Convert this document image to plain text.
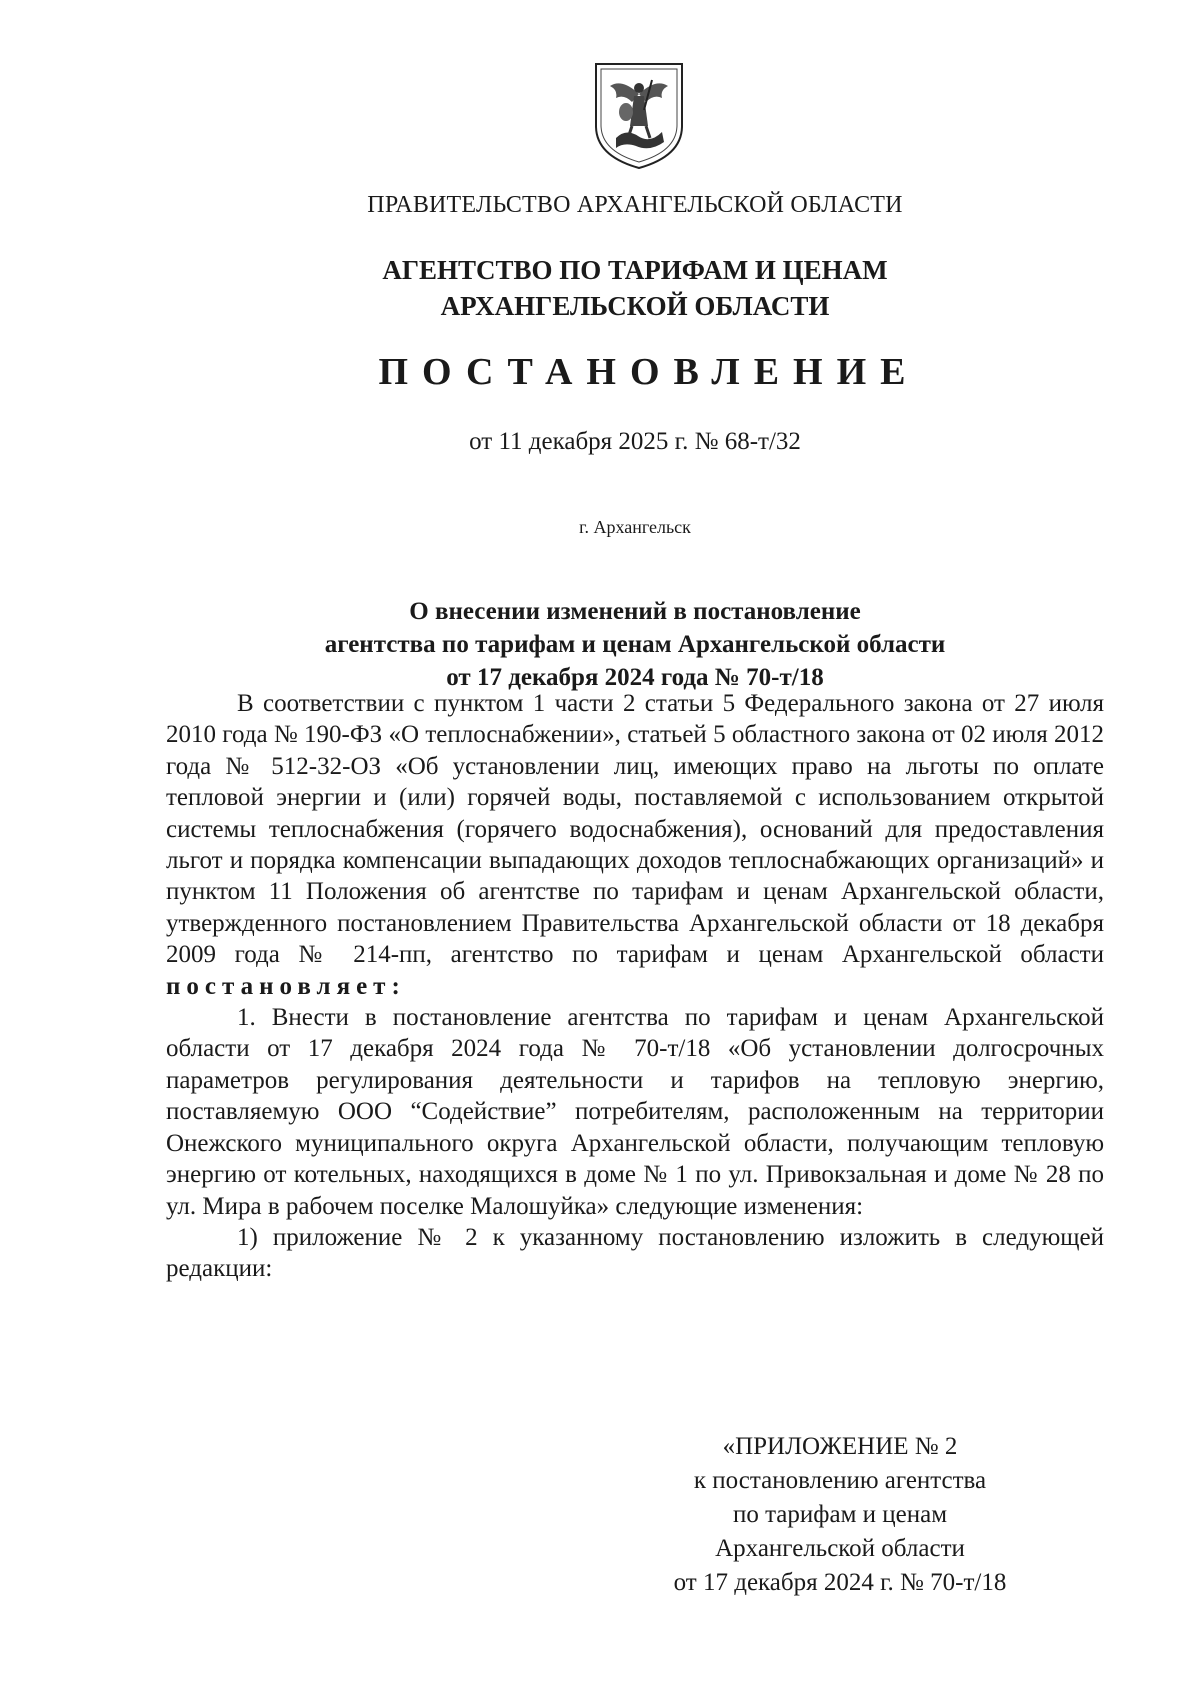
ПРАВИТЕЛЬСТВО АРХАНГЕЛЬСКОЙ ОБЛАСТИ
АГЕНТСТВО ПО ТАРИФАМ И ЦЕНАМ
АРХАНГЕЛЬСКОЙ ОБЛАСТИ
ПОСТАНОВЛЕНИЕ
от 11 декабря 2025 г. № 68-т/32
г. Архангельск
О внесении изменений в постановление
агентства по тарифам и ценам Архангельской области
от 17 декабря 2024 года № 70-т/18

В соответствии с пунктом 1 части 2 статьи 5 Федерального закона от 27 июля 2010 года № 190-ФЗ «О теплоснабжении», статьей 5 областного закона от 02 июля 2012 года № 512-32-ОЗ «Об установлении лиц, имеющих право на льготы по оплате тепловой энергии и (или) горячей воды, поставляемой с использованием открытой системы теплоснабжения (горячего водоснабжения), оснований для предоставления льгот и порядка компенсации выпадающих доходов теплоснабжающих организаций» и пунктом 11 Положения об агентстве по тарифам и ценам Архангельской области, утвержденного постановлением Правительства Архангельской области от 18 декабря 2009 года № 214-пп, агентство по тарифам и ценам Архангельской области постановляет:

1. Внести в постановление агентства по тарифам и ценам Архангельской области от 17 декабря 2024 года № 70-т/18 «Об установлении долгосрочных параметров регулирования деятельности и тарифов на тепловую энергию, поставляемую ООО “Содействие” потребителям, расположенным на территории Онежского муниципального округа Архангельской области, получающим тепловую энергию от котельных, находящихся в доме № 1 по ул. Привокзальная и доме № 28 по ул. Мира в рабочем поселке Малошуйка» следующие изменения:

1) приложение № 2 к указанному постановлению изложить в следующей редакции:

«ПРИЛОЖЕНИЕ № 2
к постановлению агентства
по тарифам и ценам
Архангельской области
от 17 декабря 2024 г. № 70-т/18
